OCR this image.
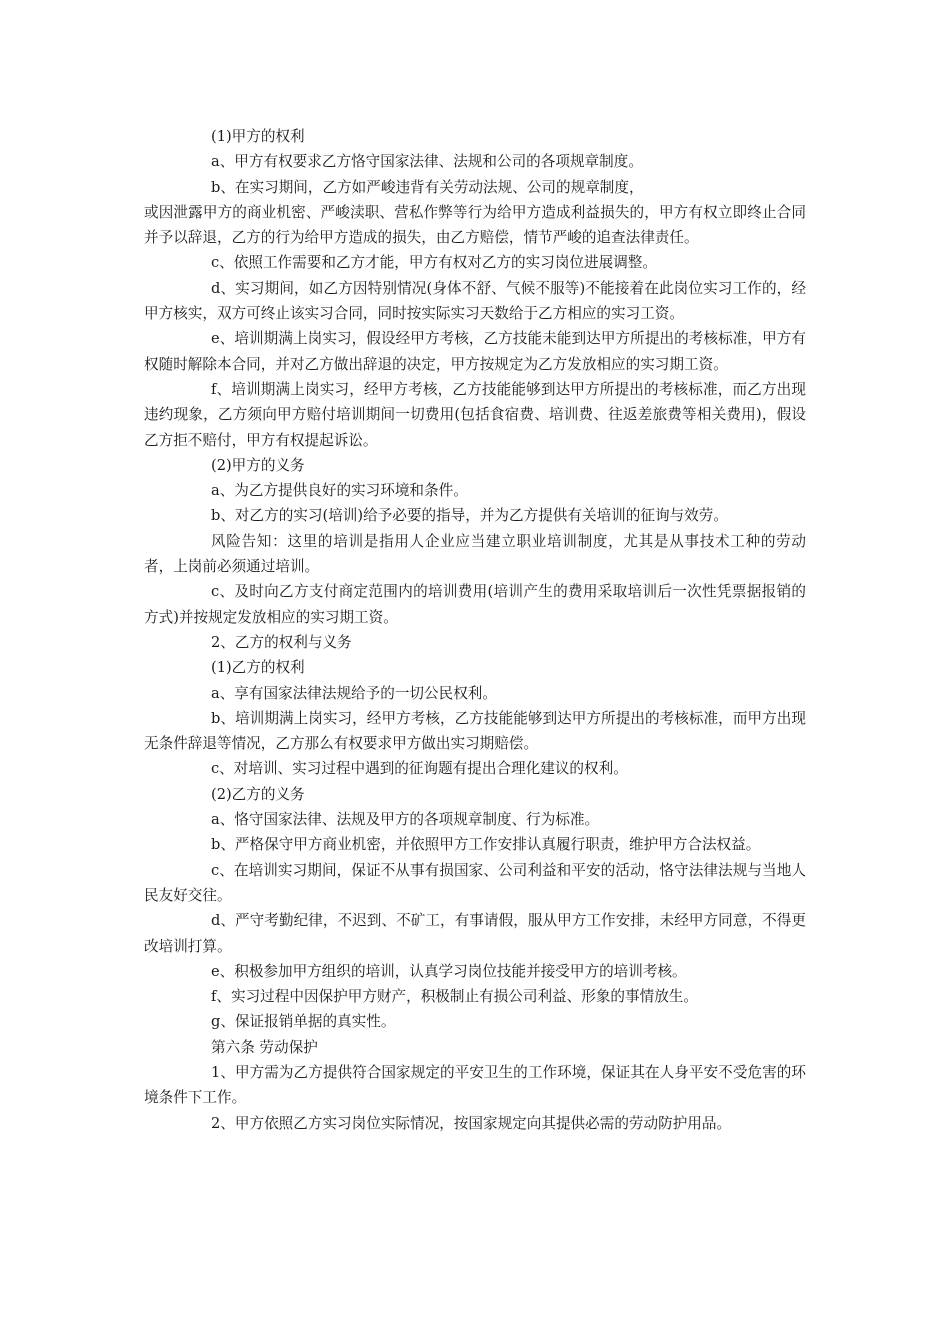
(1)甲方的权利

a、甲方有权要求乙方恪守国家法律、法规和公司的各项规章制度。

b、在实习期间，乙方如严峻违背有关劳动法规、公司的规章制度，

或因泄露甲方的商业机密、严峻渎职、营私作弊等行为给甲方造成利益损失的，甲方有权立即终止合同并予以辞退，乙方的行为给甲方造成的损失，由乙方赔偿，情节严峻的追查法律责任。

c、依照工作需要和乙方才能，甲方有权对乙方的实习岗位进展调整。

d、实习期间，如乙方因特别情况(身体不舒、气候不服等)不能接着在此岗位实习工作的，经甲方核实，双方可终止该实习合同，同时按实际实习天数给于乙方相应的实习工资。

e、培训期满上岗实习，假设经甲方考核，乙方技能未能到达甲方所提出的考核标准，甲方有权随时解除本合同，并对乙方做出辞退的决定，甲方按规定为乙方发放相应的实习期工资。

f、培训期满上岗实习，经甲方考核，乙方技能能够到达甲方所提出的考核标准，而乙方出现违约现象，乙方须向甲方赔付培训期间一切费用(包括食宿费、培训费、往返差旅费等相关费用)，假设乙方拒不赔付，甲方有权提起诉讼。

(2)甲方的义务

a、为乙方提供良好的实习环境和条件。

b、对乙方的实习(培训)给予必要的指导，并为乙方提供有关培训的征询与效劳。

风险告知：这里的培训是指用人企业应当建立职业培训制度，尤其是从事技术工种的劳动者，上岗前必须通过培训。

c、及时向乙方支付商定范围内的培训费用(培训产生的费用采取培训后一次性凭票据报销的方式)并按规定发放相应的实习期工资。

2、乙方的权利与义务

(1)乙方的权利

a、享有国家法律法规给予的一切公民权利。

b、培训期满上岗实习，经甲方考核，乙方技能能够到达甲方所提出的考核标准，而甲方出现无条件辞退等情况，乙方那么有权要求甲方做出实习期赔偿。

c、对培训、实习过程中遇到的征询题有提出合理化建议的权利。

(2)乙方的义务

a、恪守国家法律、法规及甲方的各项规章制度、行为标准。

b、严格保守甲方商业机密，并依照甲方工作安排认真履行职责，维护甲方合法权益。

c、在培训实习期间，保证不从事有损国家、公司利益和平安的活动，恪守法律法规与当地人民友好交往。

d、严守考勤纪律，不迟到、不矿工，有事请假，服从甲方工作安排，未经甲方同意，不得更改培训打算。

e、积极参加甲方组织的培训，认真学习岗位技能并接受甲方的培训考核。

f、实习过程中因保护甲方财产，积极制止有损公司利益、形象的事情放生。

g、保证报销单据的真实性。

第六条 劳动保护

1、甲方需为乙方提供符合国家规定的平安卫生的工作环境，保证其在人身平安不受危害的环境条件下工作。

2、甲方依照乙方实习岗位实际情况，按国家规定向其提供必需的劳动防护用品。
